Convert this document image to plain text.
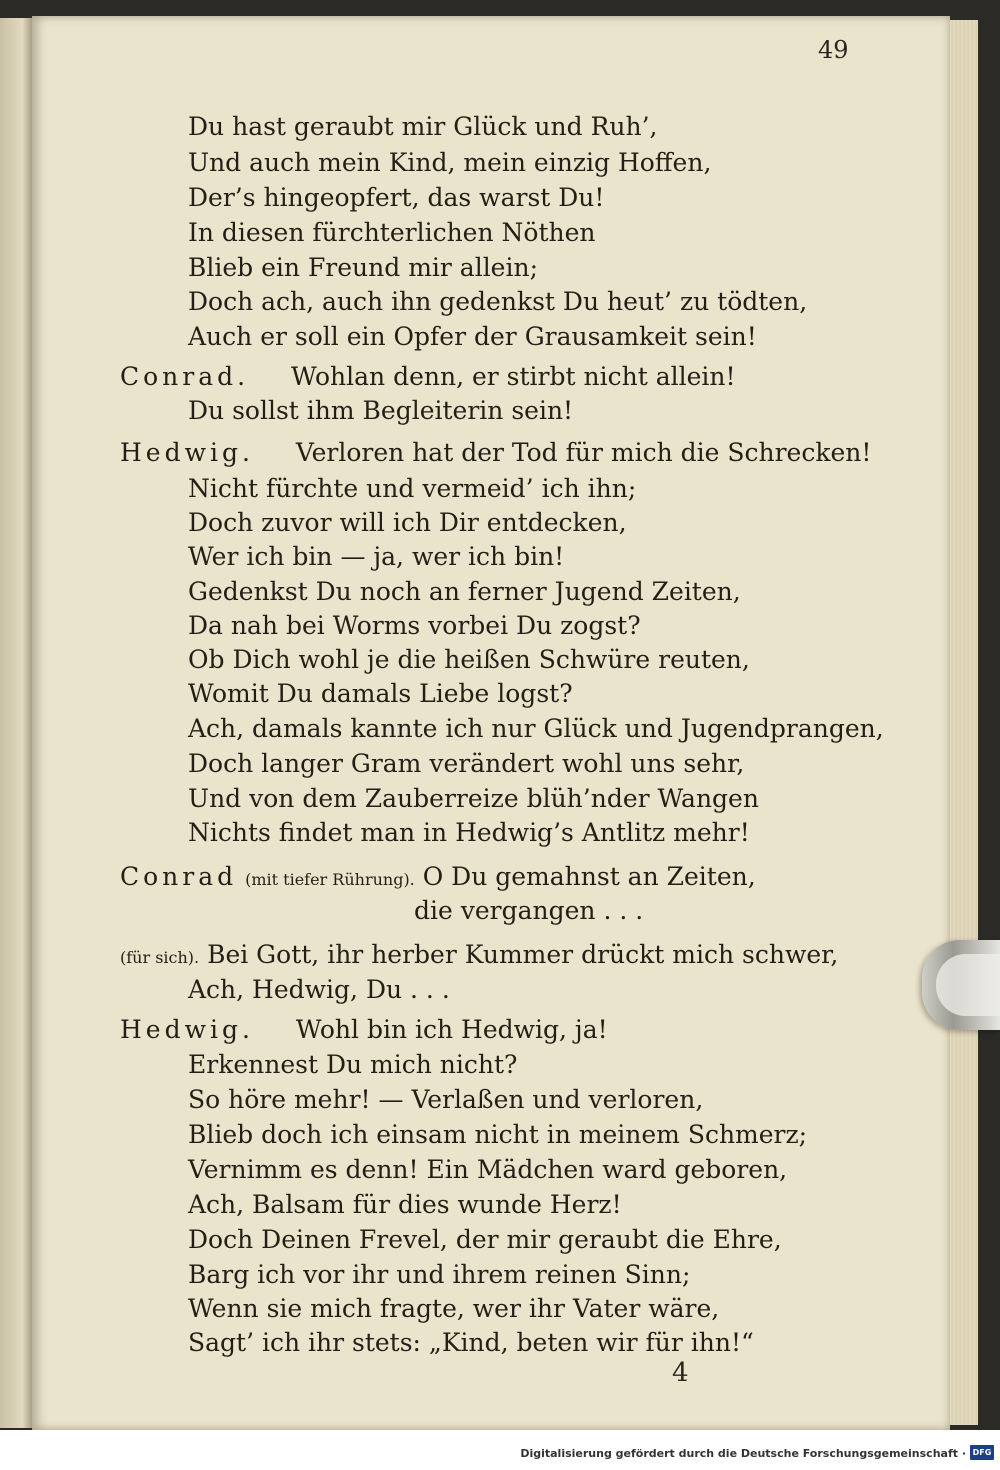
49
Du hast geraubt mir Glück und Ruh’,
Und auch mein Kind, mein einzig Hoffen,
Der’s hingeopfert, das warst Du!
In diesen fürchterlichen Nöthen
Blieb ein Freund mir allein;
Doch ach, auch ihn gedenkst Du heut’ zu tödten,
Auch er soll ein Opfer der Grausamkeit sein!
Conrad. Wohlan denn, er stirbt nicht allein!
Du sollst ihm Begleiterin sein!
Hedwig. Verloren hat der Tod für mich die Schrecken!
Nicht fürchte und vermeid’ ich ihn;
Doch zuvor will ich Dir entdecken,
Wer ich bin — ja, wer ich bin!
Gedenkst Du noch an ferner Jugend Zeiten,
Da nah bei Worms vorbei Du zogst?
Ob Dich wohl je die heißen Schwüre reuten,
Womit Du damals Liebe logst?
Ach, damals kannte ich nur Glück und Jugendprangen,
Doch langer Gram verändert wohl uns sehr,
Und von dem Zauberreize blüh’nder Wangen
Nichts findet man in Hedwig’s Antlitz mehr!
Conrad (mit tiefer Rührung). O Du gemahnst an Zeiten,
die vergangen . . .
(für sich). Bei Gott, ihr herber Kummer drückt mich schwer,
Ach, Hedwig, Du . . .
Hedwig. Wohl bin ich Hedwig, ja!
Erkennest Du mich nicht?
So höre mehr! — Verlaßen und verloren,
Blieb doch ich einsam nicht in meinem Schmerz;
Vernimm es denn! Ein Mädchen ward geboren,
Ach, Balsam für dies wunde Herz!
Doch Deinen Frevel, der mir geraubt die Ehre,
Barg ich vor ihr und ihrem reinen Sinn;
Wenn sie mich fragte, wer ihr Vater wäre,
Sagt’ ich ihr stets: „Kind, beten wir für ihn!“
4
Digitalisierung gefördert durch die Deutsche Forschungsgemeinschaft · DFG
